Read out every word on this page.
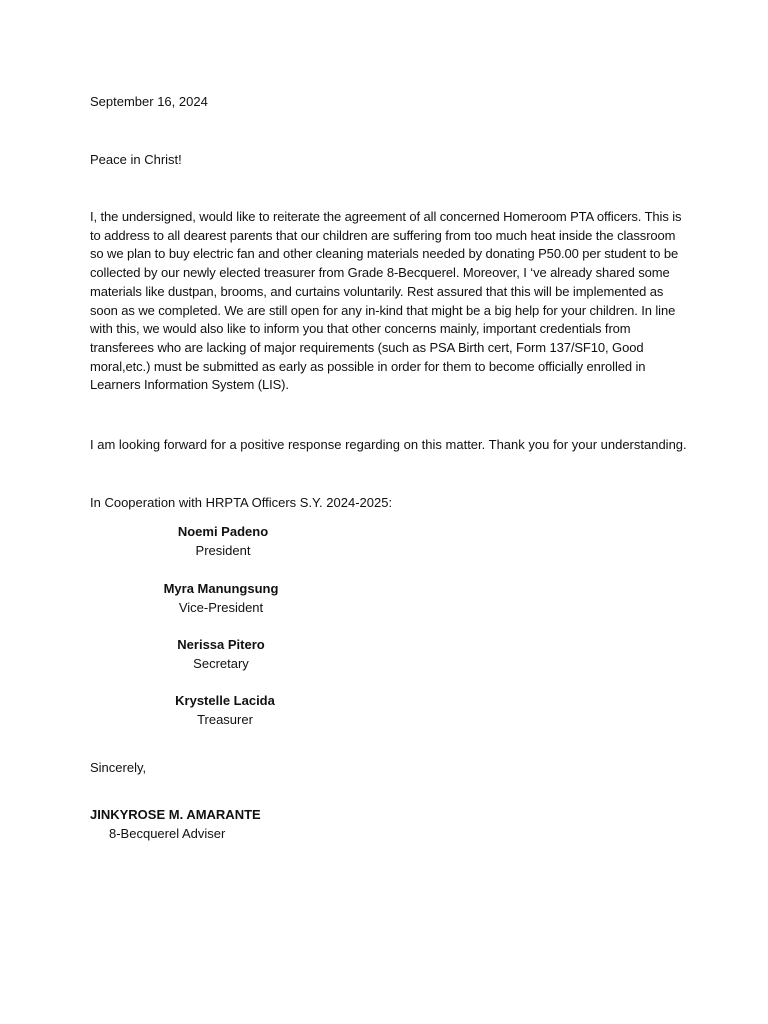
September 16, 2024

Peace in Christ!

I, the undersigned, would like to reiterate the agreement of all concerned Homeroom PTA officers. This is to address to all dearest parents that our children are suffering from too much heat inside the classroom so we plan to buy electric fan and other cleaning materials needed by donating P50.00 per student to be collected by our newly elected treasurer from Grade 8-Becquerel. Moreover, I ‘ve already shared some materials like dustpan, brooms, and curtains voluntarily. Rest assured that this will be implemented as soon as we completed. We are still open for any in-kind that might be a big help for your children. In line with this, we would also like to inform you that other concerns mainly, important credentials from transferees who are lacking of major requirements (such as PSA Birth cert, Form 137/SF10, Good moral,etc.) must be submitted as early as possible in order for them to become officially enrolled in Learners Information System (LIS).

I am looking forward for a positive response regarding on this matter. Thank you for your understanding.

In Cooperation with HRPTA Officers S.Y. 2024-2025:

Noemi Padeno
President
Myra Manungsung
Vice-President
Nerissa Pitero
Secretary
Krystelle Lacida
Treasurer

Sincerely,

JINKYROSE M. AMARANTE

8-Becquerel Adviser
